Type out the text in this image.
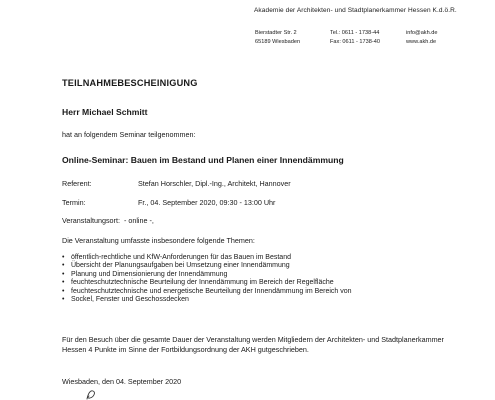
Akademie der Architekten- und Stadtplanerkammer Hessen K.d.ö.R.
Bierstadter Str. 2
65189 Wiesbaden
Tel.: 0611 - 1738-44
Fax: 0611 - 1738-40
info@akh.de
www.akh.de
TEILNAHMEBESCHEINIGUNG
Herr Michael Schmitt
hat an folgendem Seminar teilgenommen:
Online-Seminar: Bauen im Bestand und Planen einer Innendämmung
Referent:	Stefan Horschler, Dipl.-Ing., Architekt, Hannover
Termin:	Fr., 04. September 2020, 09:30 - 13:00 Uhr
Veranstaltungsort: - online -,
Die Veranstaltung umfasste insbesondere folgende Themen:
• öffentlich-rechtliche und KfW-Anforderungen für das Bauen im Bestand
• Übersicht der Planungsaufgaben bei Umsetzung einer Innendämmung
• Planung und Dimensionierung der Innendämmung
• feuchteschutztechnische Beurteilung der Innendämmung im Bereich der Regelfläche
• feuchteschutztechnische und energetische Beurteilung der Innendämmung im Bereich von
• Sockel, Fenster und Geschossdecken
Für den Besuch über die gesamte Dauer der Veranstaltung werden Mitgliedern der Architekten- und Stadtplanerkammer Hessen 4 Punkte im Sinne der Fortbildungsordnung der AKH gutgeschrieben.
Wiesbaden, den 04. September 2020
